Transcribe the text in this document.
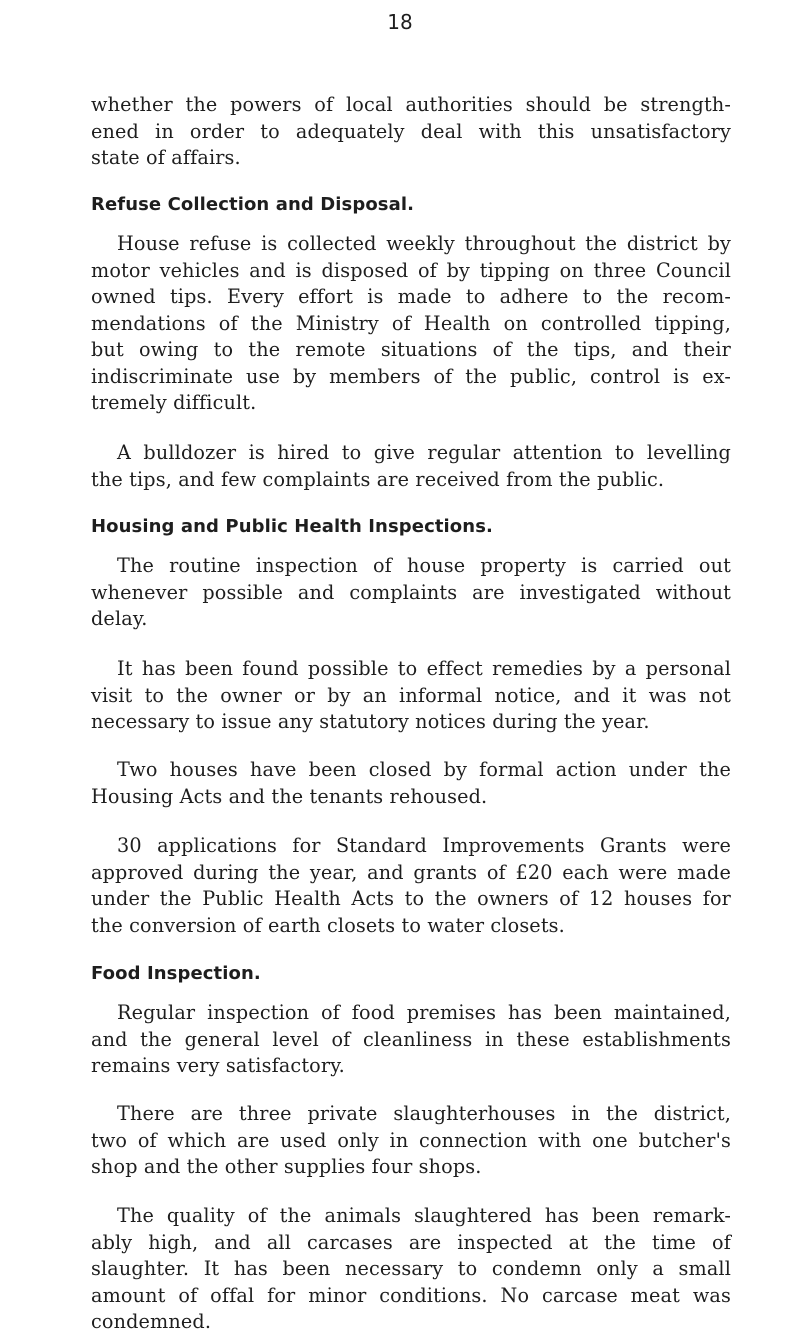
18
whether the powers of local authorities should be strength-
ened in order to adequately deal with this unsatisfactory
state of affairs.
Refuse Collection and Disposal.
House refuse is collected weekly throughout the district by
motor vehicles and is disposed of by tipping on three Council
owned tips. Every effort is made to adhere to the recom-
mendations of the Ministry of Health on controlled tipping,
but owing to the remote situations of the tips, and their
indiscriminate use by members of the public, control is ex-
tremely difficult.
A bulldozer is hired to give regular attention to levelling
the tips, and few complaints are received from the public.
Housing and Public Health Inspections.
The routine inspection of house property is carried out
whenever possible and complaints are investigated without
delay.
It has been found possible to effect remedies by a personal
visit to the owner or by an informal notice, and it was not
necessary to issue any statutory notices during the year.
Two houses have been closed by formal action under the
Housing Acts and the tenants rehoused.
30 applications for Standard Improvements Grants were
approved during the year, and grants of £20 each were made
under the Public Health Acts to the owners of 12 houses for
the conversion of earth closets to water closets.
Food Inspection.
Regular inspection of food premises has been maintained,
and the general level of cleanliness in these establishments
remains very satisfactory.
There are three private slaughterhouses in the district,
two of which are used only in connection with one butcher's
shop and the other supplies four shops.
The quality of the animals slaughtered has been remark-
ably high, and all carcases are inspected at the time of
slaughter. It has been necessary to condemn only a small
amount of offal for minor conditions. No carcase meat was
condemned.
